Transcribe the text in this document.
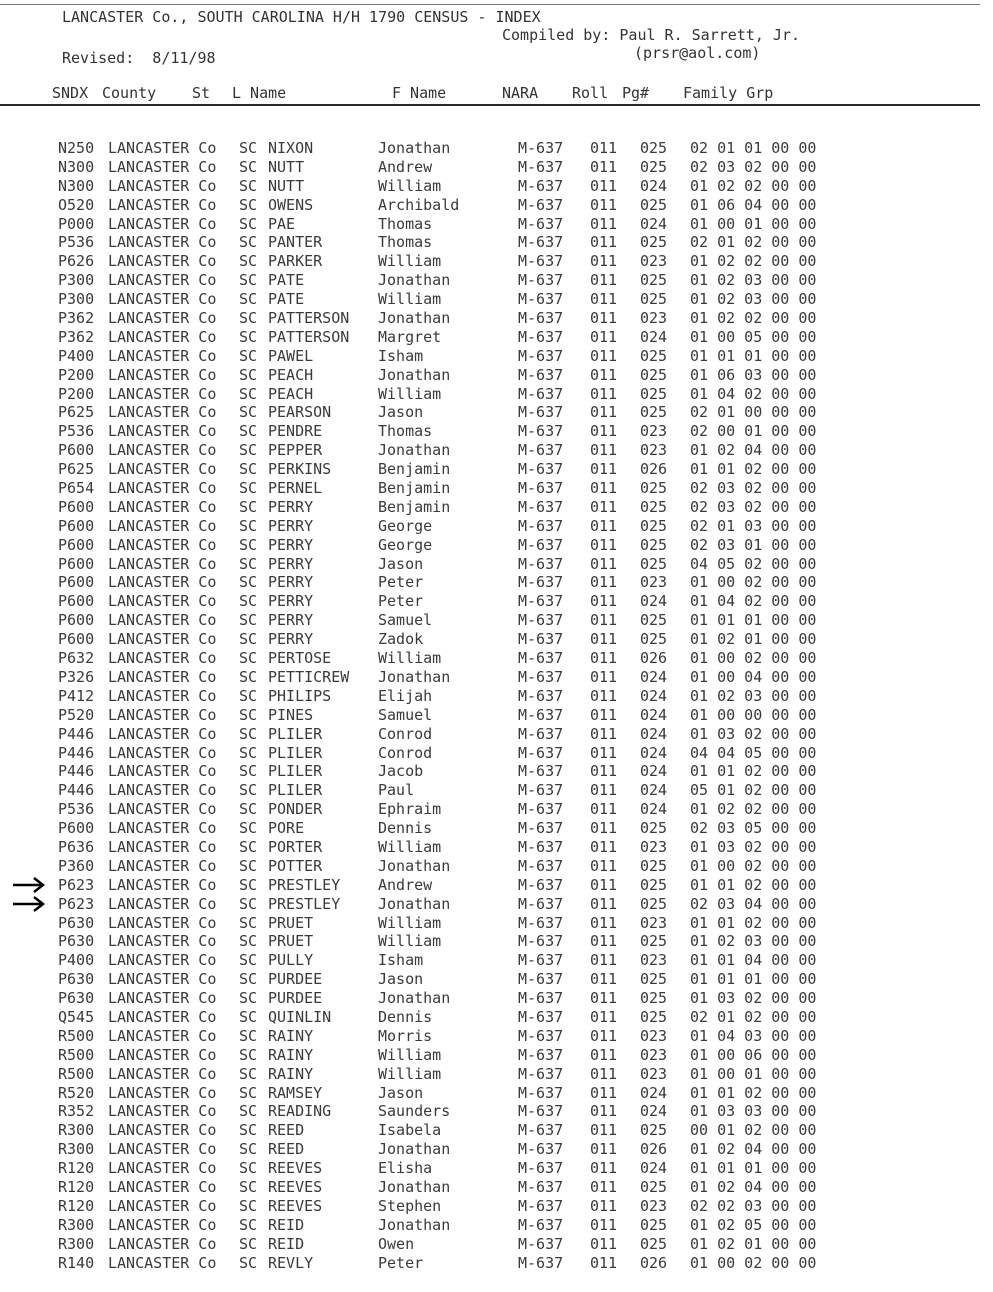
LANCASTER Co., SOUTH CAROLINA H/H 1790 CENSUS - INDEX
Compiled by: Paul R. Sarrett, Jr.
(prsr@aol.com)
Revised:  8/11/98
SNDX County St L Name	F Name	NARA Roll Pg# Family Grp
N250 LANCASTER Co SC NIXON	Jonathan	M-637 011 025 02 01 01 00 00
N300 LANCASTER Co SC NUTT	Andrew	M-637 011 025 02 03 02 00 00
N300 LANCASTER Co SC NUTT	William	M-637 011 024 01 02 02 00 00
O520 LANCASTER Co SC OWENS	Archibald	M-637 011 025 01 06 04 00 00
P000 LANCASTER Co SC PAE	Thomas	M-637 011 024 01 00 01 00 00
P536 LANCASTER Co SC PANTER	Thomas	M-637 011 025 02 01 02 00 00
P626 LANCASTER Co SC PARKER	William	M-637 011 023 01 02 02 00 00
P300 LANCASTER Co SC PATE	Jonathan	M-637 011 025 01 02 03 00 00
P300 LANCASTER Co SC PATE	William	M-637 011 025 01 02 03 00 00
P362 LANCASTER Co SC PATTERSON Jonathan	M-637 011 023 01 02 02 00 00
P362 LANCASTER Co SC PATTERSON Margret	M-637 011 024 01 00 05 00 00
P400 LANCASTER Co SC PAWEL	Isham	M-637 011 025 01 01 01 00 00
P200 LANCASTER Co SC PEACH	Jonathan	M-637 011 025 01 06 03 00 00
P200 LANCASTER Co SC PEACH	William	M-637 011 025 01 04 02 00 00
P625 LANCASTER Co SC PEARSON	Jason	M-637 011 025 02 01 00 00 00
P536 LANCASTER Co SC PENDRE	Thomas	M-637 011 023 02 00 01 00 00
P600 LANCASTER Co SC PEPPER	Jonathan	M-637 011 023 01 02 04 00 00
P625 LANCASTER Co SC PERKINS	Benjamin	M-637 011 026 01 01 02 00 00
P654 LANCASTER Co SC PERNEL	Benjamin	M-637 011 025 02 03 02 00 00
P600 LANCASTER Co SC PERRY	Benjamin	M-637 011 025 02 03 02 00 00
P600 LANCASTER Co SC PERRY	George	M-637 011 025 02 01 03 00 00
P600 LANCASTER Co SC PERRY	George	M-637 011 025 02 03 01 00 00
P600 LANCASTER Co SC PERRY	Jason	M-637 011 025 04 05 02 00 00
P600 LANCASTER Co SC PERRY	Peter	M-637 011 023 01 00 02 00 00
P600 LANCASTER Co SC PERRY	Peter	M-637 011 024 01 04 02 00 00
P600 LANCASTER Co SC PERRY	Samuel	M-637 011 025 01 01 01 00 00
P600 LANCASTER Co SC PERRY	Zadok	M-637 011 025 01 02 01 00 00
P632 LANCASTER Co SC PERTOSE	William	M-637 011 026 01 00 02 00 00
P326 LANCASTER Co SC PETTICREW Jonathan	M-637 011 024 01 00 04 00 00
P412 LANCASTER Co SC PHILIPS	Elijah	M-637 011 024 01 02 03 00 00
P520 LANCASTER Co SC PINES	Samuel	M-637 011 024 01 00 00 00 00
P446 LANCASTER Co SC PLILER	Conrod	M-637 011 024 01 03 02 00 00
P446 LANCASTER Co SC PLILER	Conrod	M-637 011 024 04 04 05 00 00
P446 LANCASTER Co SC PLILER	Jacob	M-637 011 024 01 01 02 00 00
P446 LANCASTER Co SC PLILER	Paul	M-637 011 024 05 01 02 00 00
P536 LANCASTER Co SC PONDER	Ephraim	M-637 011 024 01 02 02 00 00
P600 LANCASTER Co SC PORE	Dennis	M-637 011 025 02 03 05 00 00
P636 LANCASTER Co SC PORTER	William	M-637 011 023 01 03 02 00 00
P360 LANCASTER Co SC POTTER	Jonathan	M-637 011 025 01 00 02 00 00
P623 LANCASTER Co SC PRESTLEY	Andrew	M-637 011 025 01 01 02 00 00
P623 LANCASTER Co SC PRESTLEY	Jonathan	M-637 011 025 02 03 04 00 00
P630 LANCASTER Co SC PRUET	William	M-637 011 023 01 01 02 00 00
P630 LANCASTER Co SC PRUET	William	M-637 011 025 01 02 03 00 00
P400 LANCASTER Co SC PULLY	Isham	M-637 011 023 01 01 04 00 00
P630 LANCASTER Co SC PURDEE	Jason	M-637 011 025 01 01 01 00 00
P630 LANCASTER Co SC PURDEE	Jonathan	M-637 011 025 01 03 02 00 00
Q545 LANCASTER Co SC QUINLIN	Dennis	M-637 011 025 02 01 02 00 00
R500 LANCASTER Co SC RAINY	Morris	M-637 011 023 01 04 03 00 00
R500 LANCASTER Co SC RAINY	William	M-637 011 023 01 00 06 00 00
R500 LANCASTER Co SC RAINY	William	M-637 011 023 01 00 01 00 00
R520 LANCASTER Co SC RAMSEY	Jason	M-637 011 024 01 01 02 00 00
R352 LANCASTER Co SC READING	Saunders	M-637 011 024 01 03 03 00 00
R300 LANCASTER Co SC REED	Isabela	M-637 011 025 00 01 02 00 00
R300 LANCASTER Co SC REED	Jonathan	M-637 011 026 01 02 04 00 00
R120 LANCASTER Co SC REEVES	Elisha	M-637 011 024 01 01 01 00 00
R120 LANCASTER Co SC REEVES	Jonathan	M-637 011 025 01 02 04 00 00
R120 LANCASTER Co SC REEVES	Stephen	M-637 011 023 02 02 03 00 00
R300 LANCASTER Co SC REID	Jonathan	M-637 011 025 01 02 05 00 00
R300 LANCASTER Co SC REID	Owen	M-637 011 025 01 02 01 00 00
R140 LANCASTER Co SC REVLY	Peter	M-637 011 026 01 00 02 00 00
